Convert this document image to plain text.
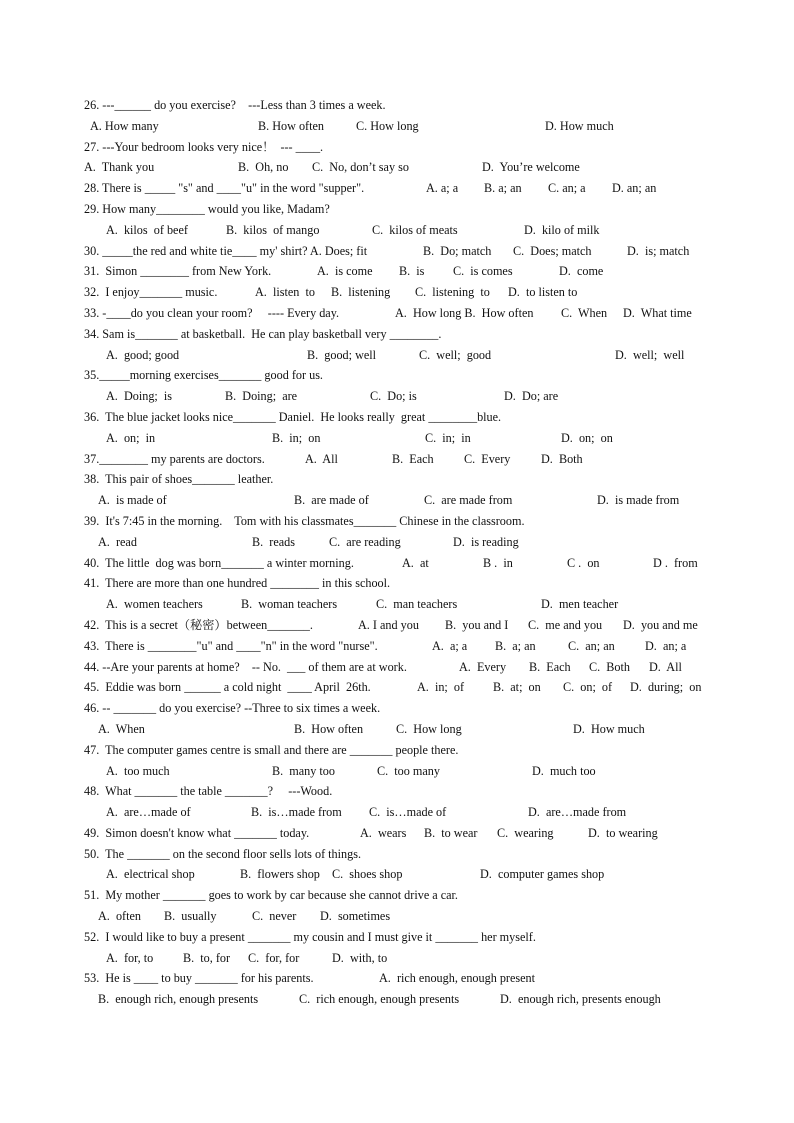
26. ---______ do you exercise?    ---Less than 3 times a week.
A. How many	B. How often	C. How long	D. How much
27. ---Your bedroom looks very nice！  --- ____.
A.  Thank you	B.  Oh, no C.  No, don’t say so	D.  You’re welcome
28. There is _____ "s" and ____"u" in the word "supper".	A. a; a B. a; an C. an; a D. an; an
29. How many________ would you like, Madam?
A.  kilos  of beef	B.  kilos  of mango	C.  kilos of meats	D.  kilo of milk
30. _____the red and white tie____ my' shirt? A. Does; fit	B.  Do; match C.  Does; match	D.  is; match
31.  Simon ________ from New York.	A.  is come B.  is C.  is comes	D.  come
32.  I enjoy_______ music.	A.  listen  to B.  listening C.  listening  to D.  to listen to
33. -____do you clean your room?     ---- Every day.	A.  How long B.  How often C.  When D.  What time
34. Sam is_______ at basketball.  He can play basketball very ________.
A.  good; good	B.  good; well	C.  well;  good	D.  well;  well
35._____morning exercises_______ good for us.
A.  Doing;  is	B.  Doing;  are	C.  Do; is	D.  Do; are
36.  The blue jacket looks nice_______ Daniel.  He looks really  great ________blue.
A.  on;  in	B.  in;  on	C.  in;  in	D.  on;  on
37.________ my parents are doctors.	A.  All	B.  Each C.  Every	D.  Both
38.  This pair of shoes_______ leather.
A.  is made of	B.  are made of	C.  are made from	D.  is made from
39.  It's 7:45 in the morning.    Tom with his classmates_______ Chinese in the classroom.
A.  read	B.  reads	C.  are reading	D.  is reading
40.  The little  dog was born_______ a winter morning.	A.  at	B .  in	C .  on	D .  from
41.  There are more than one hundred ________ in this school.
A.  women teachers	B.  woman teachers	C.  man teachers	D.  men teacher
42.  This is a secret（秘密）between_______.	A. I and you B.  you and I C.  me and you D.  you and me
43.  There is ________"u" and ____"n" in the word "nurse".	A.  a; a B.  a; an	C.  an; an D.  an; a
44. --Are your parents at home?    -- No.  ___ of them are at work.	A.  Every B.  Each C.  Both D.  All
45.  Eddie was born ______ a cold night  ____ April  26th.	A.  in;  of B.  at;  on C.  on;  of D.  during;  on
46. -- _______ do you exercise? --Three to six times a week.
A.  When	B.  How often	C.  How long	D.  How much
47.  The computer games centre is small and there are _______ people there.
A.  too much	B.  many too	C.  too many	D.  much too
48.  What _______ the table _______?     ---Wood.
A.  are…made of	B.  is…made from C.  is…made of	D.  are…made from
49.  Simon doesn't know what _______ today.	A.  wears B.  to wear C.  wearing	D.  to wearing
50.  The _______ on the second floor sells lots of things.
A.  electrical shop	B.  flowers shop C.  shoes shop	D.  computer games shop
51.  My mother _______ goes to work by car because she cannot drive a car.
A.  often B.  usually	C.  never D.  sometimes
52.  I would like to buy a present _______ my cousin and I must give it _______ her myself.
A.  for, to B.  to, for C.  for, for	D.  with, to
53.  He is ____ to buy _______ for his parents.	A.  rich enough, enough present
B.  enough rich, enough presents	C.  rich enough, enough presents	D.  enough rich, presents enough
